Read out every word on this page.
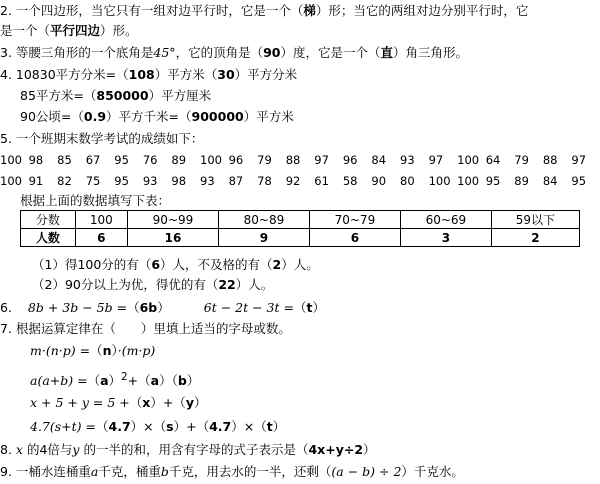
2. 一个四边形，当它只有一组对边平行时，它是一个（梯）形；当它的两组对边分别平行时，它
是一个（平行四边）形。
3. 等腰三角形的一个底角是45°，它的顶角是（90）度，它是一个（直）角三角形。
4. 10830平方分米=（108）平方米（30）平方分米
85平方米=（850000）平方厘米
90公顷=（0.9）平方千米=（900000）平方米
5. 一个班期末数学考试的成绩如下：
100 98 85 67 95 76 89 100 96 79 88 97 96 84 93 97 100 64 79 88 97
100 91 82 75 95 93 98 93 87 78 92 61 58 90 80 100 100 95 89 84 95
根据上面的数据填写下表：
分数	100	90~99	80~89	70~79	60~69	59以下
人数	6	16	9	6	3	2
（1）得100分的有（6）人，不及格的有（2）人。
（2）90分以上为优，得优的有（22）人。
6. 8b + 3b − 5b =（6b）	6t − 2t − 3t =（t）
7. 根据运算定律在（　　）里填上适当的字母或数。
m·(n·p) =（n）·(m·p)
$a(a+b) =(a)^2+(a)(b)$
x + 5 + y = 5 +（x）+（y）
4.7(s+t) =（4.7）×（s）+（4.7）×（t）
8. x 的4倍与y 的一半的和，用含有字母的式子表示是（4x+y÷2）
9. 一桶水连桶重a千克，桶重b千克，用去水的一半，还剩（(a − b) ÷ 2）千克水。
